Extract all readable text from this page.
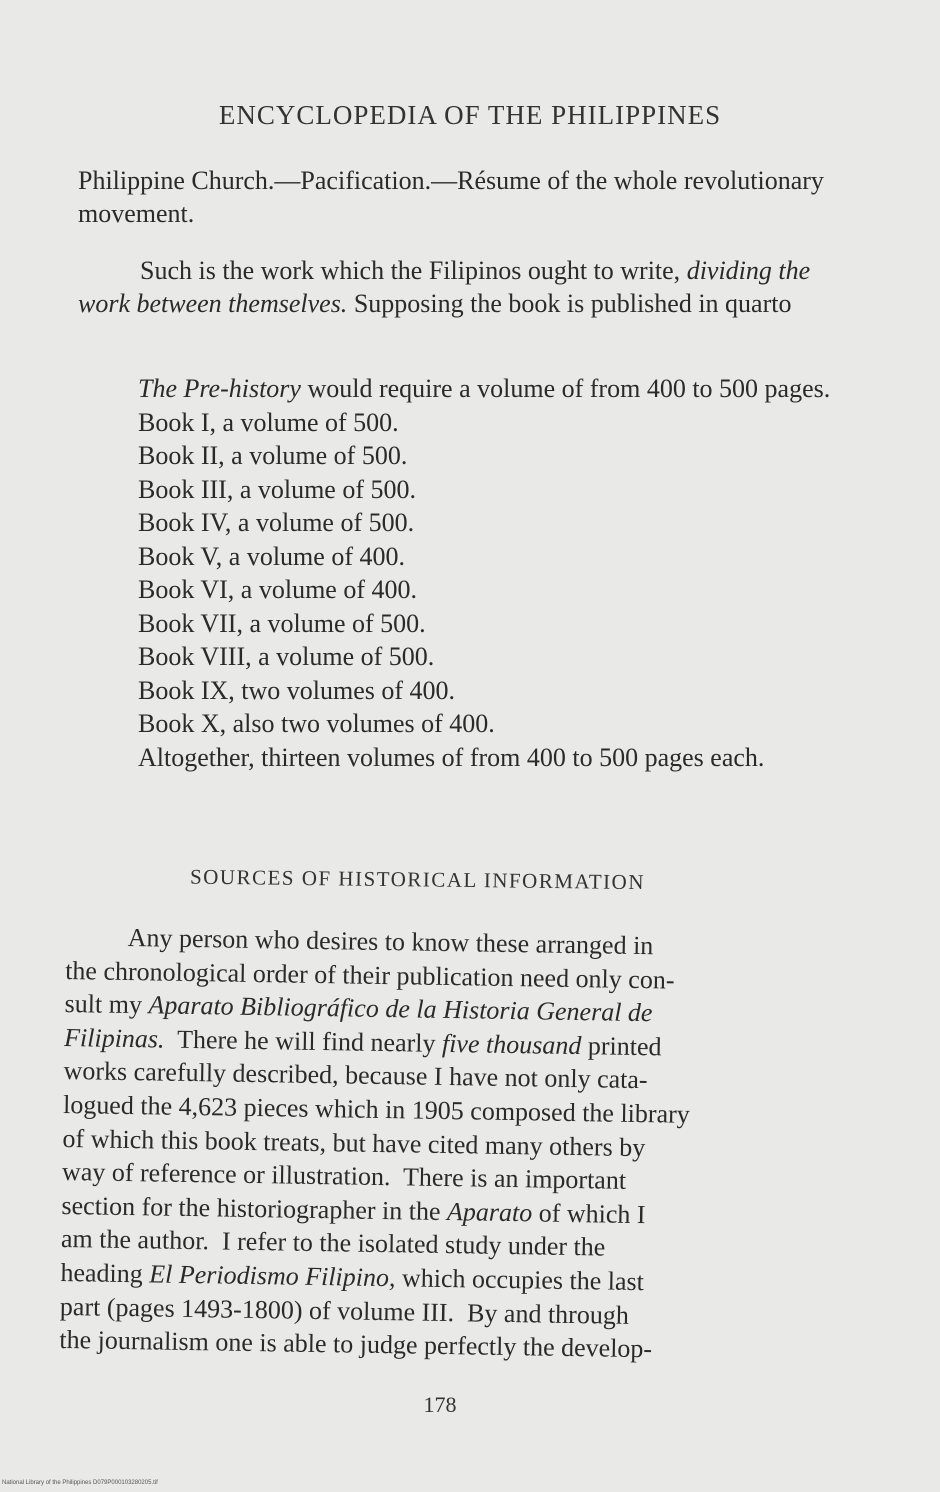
ENCYCLOPEDIA OF THE PHILIPPINES

Philippine Church.—Pacification.—Résume of the whole revolutionary movement.

Such is the work which the Filipinos ought to write, dividing the work between themselves. Supposing the book is published in quarto

The Pre-history would require a volume of from 400 to 500 pages.
Book I, a volume of 500.
Book II, a volume of 500.
Book III, a volume of 500.
Book IV, a volume of 500.
Book V, a volume of 400.
Book VI, a volume of 400.
Book VII, a volume of 500.
Book VIII, a volume of 500.
Book IX, two volumes of 400.
Book X, also two volumes of 400.
Altogether, thirteen volumes of from 400 to 500 pages each.
SOURCES OF HISTORICAL INFORMATION
Any person who desires to know these arranged in
the chronological order of their publication need only con-
sult my Aparato Bibliográfico de la Historia General de
Filipinas.  There he will find nearly five thousand printed
works carefully described, because I have not only cata-
logued the 4,623 pieces which in 1905 composed the library
of which this book treats, but have cited many others by
way of reference or illustration.  There is an important
section for the historiographer in the Aparato of which I
am the author.  I refer to the isolated study under the
heading El Periodismo Filipino, which occupies the last
part (pages 1493-1800) of volume III.  By and through
the journalism one is able to judge perfectly the develop-
178
National Library of the Philippines D079P000103280205.tif
